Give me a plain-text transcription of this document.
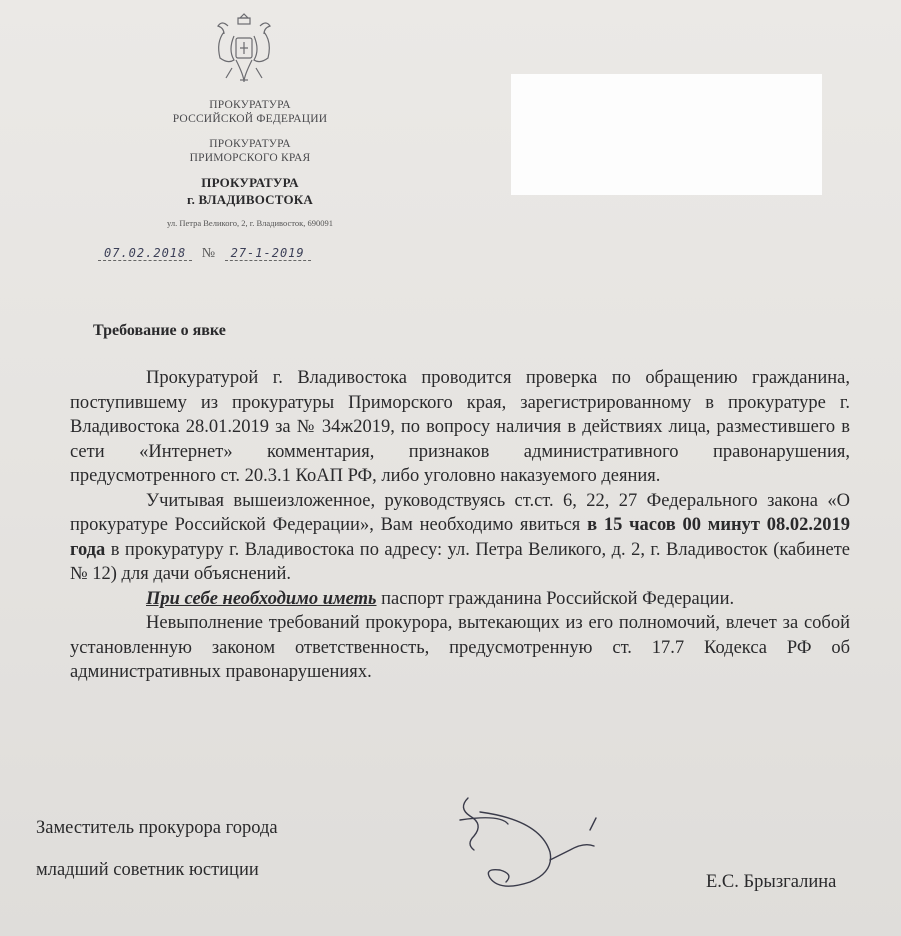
ПРОКУРАТУРА
РОССИЙСКОЙ ФЕДЕРАЦИИ
ПРОКУРАТУРА
ПРИМОРСКОГО КРАЯ
ПРОКУРАТУРА
г. ВЛАДИВОСТОКА
ул. Петра Великого, 2, г. Владивосток, 690091
07.02.2018 № 27-1-2019
Требование о явке

Прокуратурой г. Владивостока проводится проверка по обращению гражданина, поступившему из прокуратуры Приморского края, зарегистрированному в прокуратуре г. Владивостока 28.01.2019 за № 34ж2019, по вопросу наличия в действиях лица, разместившего в сети «Интернет» комментария, признаков административного правонарушения, предусмотренного ст. 20.3.1 КоАП РФ, либо уголовно наказуемого деяния.

Учитывая вышеизложенное, руководствуясь ст.ст. 6, 22, 27 Федерального закона «О прокуратуре Российской Федерации», Вам необходимо явиться в 15 часов 00 минут 08.02.2019 года в прокуратуру г. Владивостока по адресу: ул. Петра Великого, д. 2, г. Владивосток (кабинете № 12) для дачи объяснений.

При себе необходимо иметь паспорт гражданина Российской Федерации.

Невыполнение требований прокурора, вытекающих из его полномочий, влечет за собой установленную законом ответственность, предусмотренную ст. 17.7 Кодекса РФ об административных правонарушениях.

Заместитель прокурора города
младший советник юстиции
Е.С. Брызгалина
